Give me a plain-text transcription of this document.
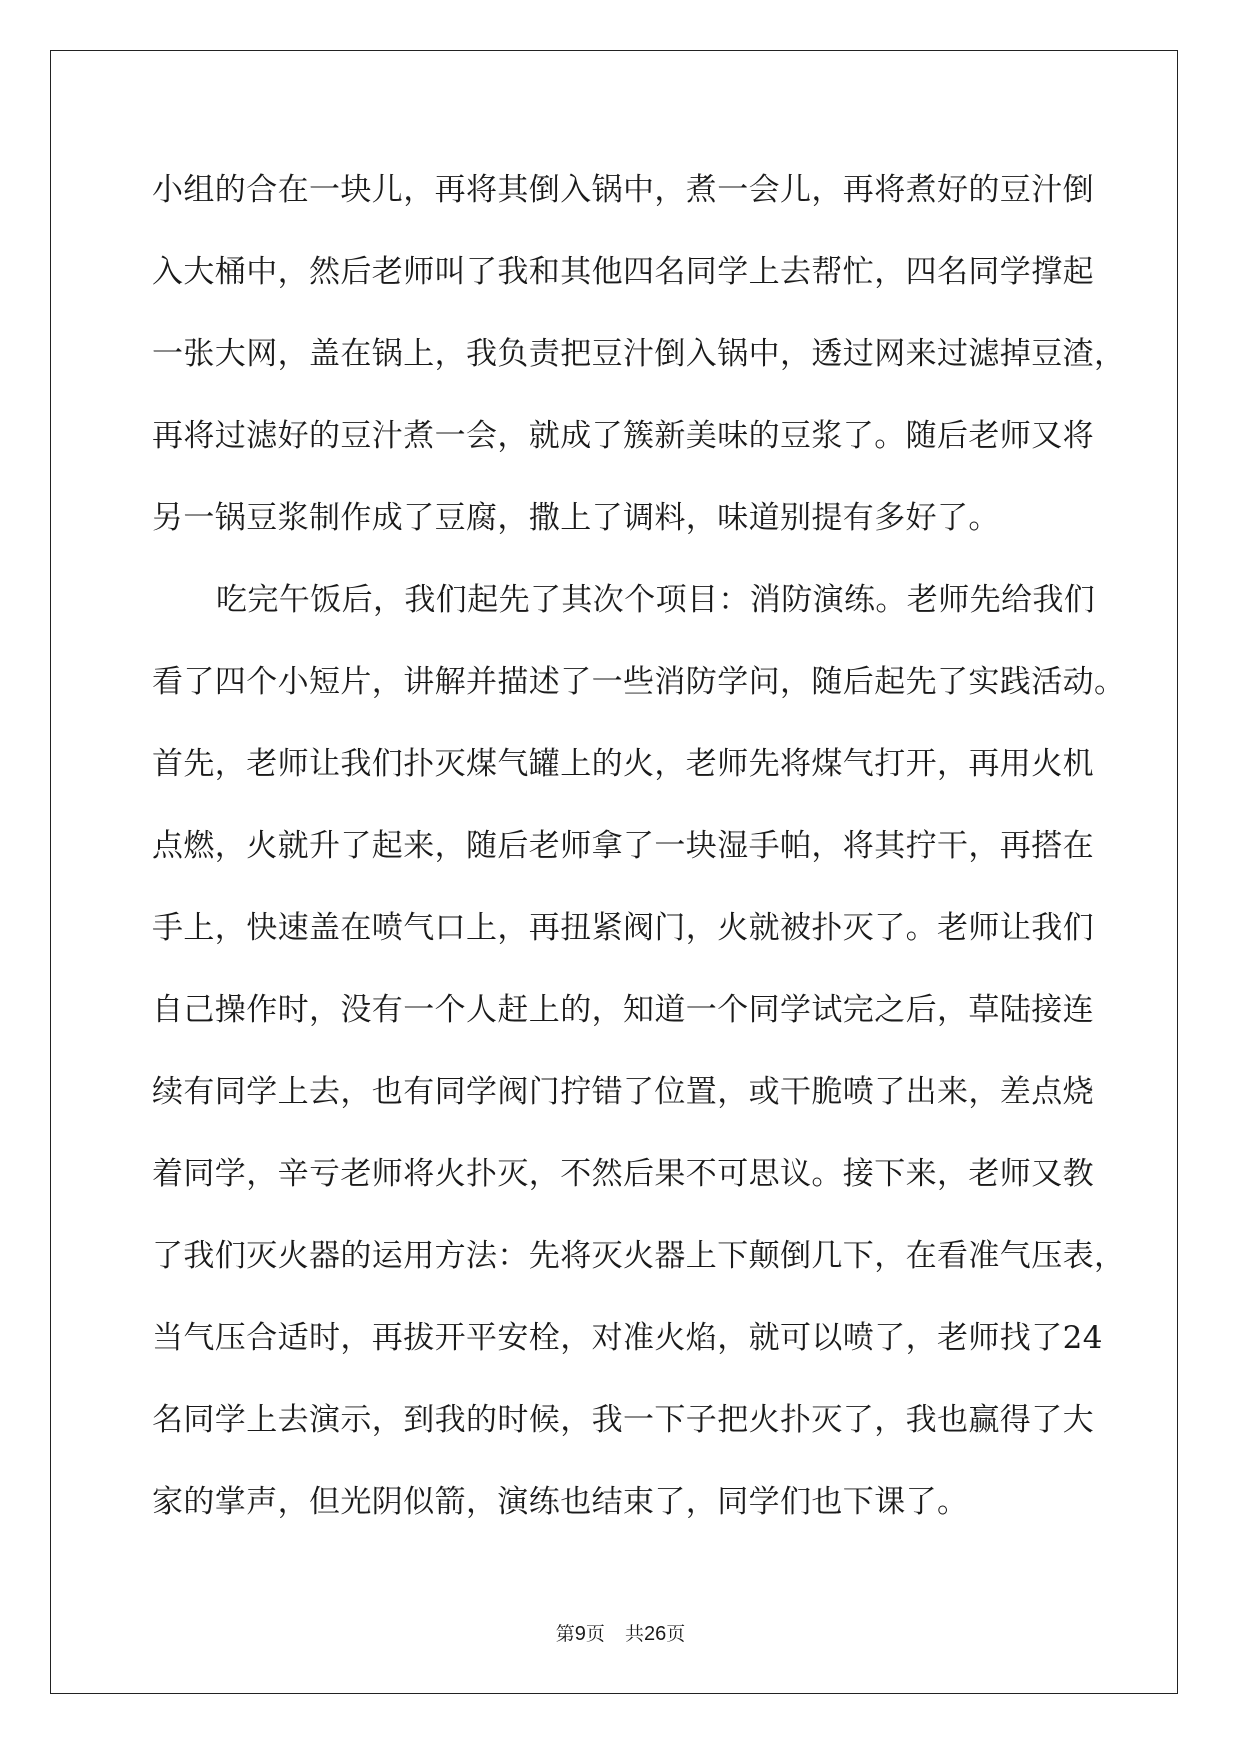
小组的合在一块儿，再将其倒入锅中，煮一会儿，再将煮好的豆汁倒
入大桶中，然后老师叫了我和其他四名同学上去帮忙，四名同学撑起
一张大网，盖在锅上，我负责把豆汁倒入锅中，透过网来过滤掉豆渣，
再将过滤好的豆汁煮一会，就成了簇新美味的豆浆了。随后老师又将
另一锅豆浆制作成了豆腐，撒上了调料，味道别提有多好了。
吃完午饭后，我们起先了其次个项目：消防演练。老师先给我们
看了四个小短片，讲解并描述了一些消防学问，随后起先了实践活动。
首先，老师让我们扑灭煤气罐上的火，老师先将煤气打开，再用火机
点燃，火就升了起来，随后老师拿了一块湿手帕，将其拧干，再搭在
手上，快速盖在喷气口上，再扭紧阀门，火就被扑灭了。老师让我们
自己操作时，没有一个人赶上的，知道一个同学试完之后，草陆接连
续有同学上去，也有同学阀门拧错了位置，或干脆喷了出来，差点烧
着同学，辛亏老师将火扑灭，不然后果不可思议。接下来，老师又教
了我们灭火器的运用方法：先将灭火器上下颠倒几下，在看准气压表，
当气压合适时，再拔开平安栓，对准火焰，就可以喷了，老师找了24
名同学上去演示，到我的时候，我一下子把火扑灭了，我也赢得了大
家的掌声，但光阴似箭，演练也结束了，同学们也下课了。
第9页 共26页
